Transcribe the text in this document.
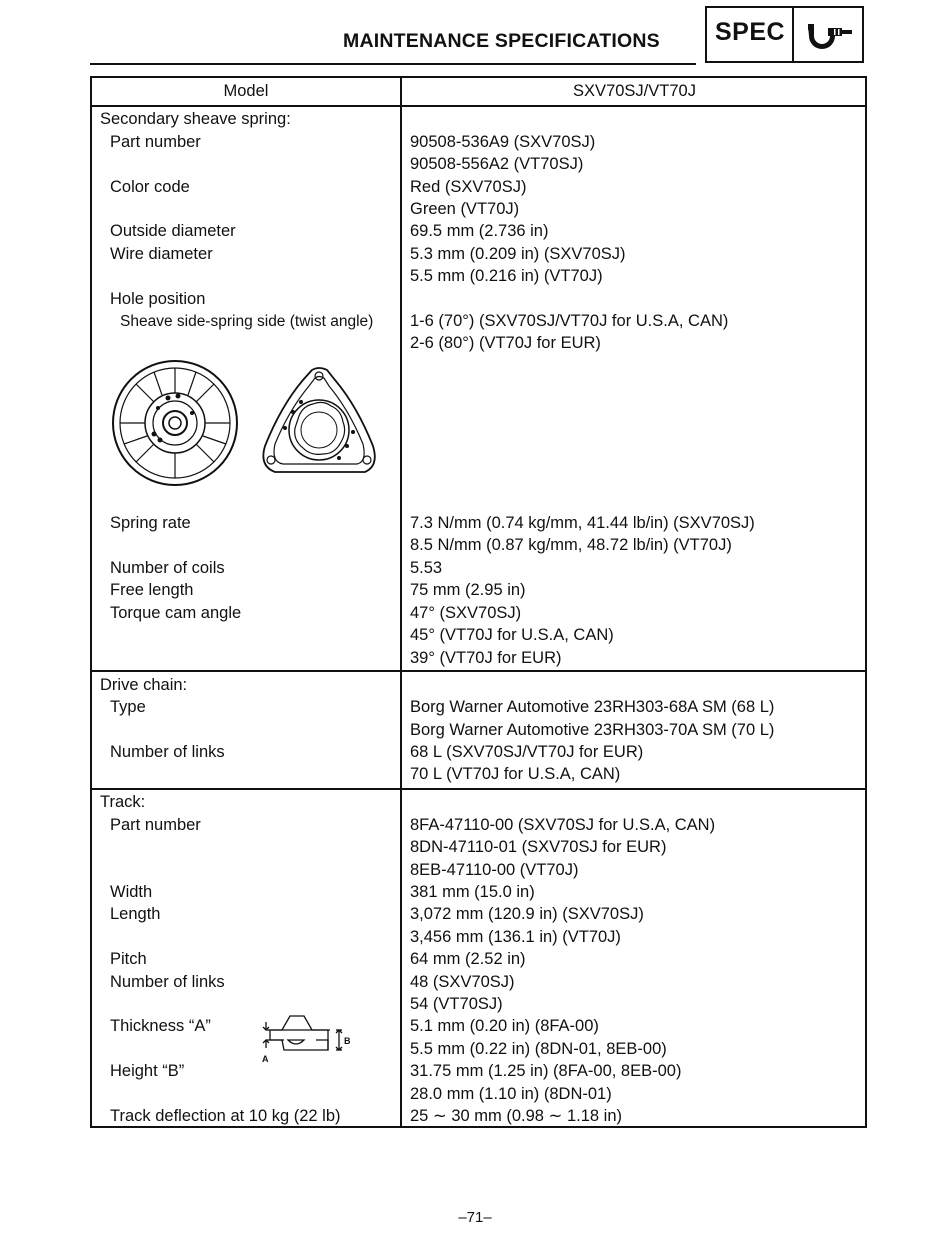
MAINTENANCE SPECIFICATIONS SPEC
Model	SXV70SJ/VT70J
Secondary sheave spring:
Part number	90508-536A9 (SXV70SJ)
90508-556A2 (VT70SJ)
Color code	Red (SXV70SJ)
Green (VT70J)
Outside diameter	69.5 mm (2.736 in)
Wire diameter	5.3 mm (0.209 in) (SXV70SJ)
5.5 mm (0.216 in) (VT70J)
Hole position
Sheave side-spring side (twist angle) 1-6 (70°) (SXV70SJ/VT70J for U.S.A, CAN)
2-6 (80°) (VT70J for EUR)
Spring rate	7.3 N/mm (0.74 kg/mm, 41.44 lb/in) (SXV70SJ)
8.5 N/mm (0.87 kg/mm, 48.72 lb/in) (VT70J)
Number of coils	5.53
Free length	75 mm (2.95 in)
Torque cam angle	47° (SXV70SJ)
45° (VT70J for U.S.A, CAN)
39° (VT70J for EUR)
Drive chain:
Type	Borg Warner Automotive 23RH303-68A SM (68 L)
Borg Warner Automotive 23RH303-70A SM (70 L)
Number of links	68 L (SXV70SJ/VT70J for EUR)
70 L (VT70J for U.S.A, CAN)
Track:
Part number	8FA-47110-00 (SXV70SJ for U.S.A, CAN)
8DN-47110-01 (SXV70SJ for EUR)
8EB-47110-00 (VT70J)
Width	381 mm (15.0 in)
Length	3,072 mm (120.9 in) (SXV70SJ)
3,456 mm (136.1 in) (VT70J)
Pitch	64 mm (2.52 in)
Number of links	48 (SXV70SJ)
54 (VT70SJ)
Thickness “A”	5.1 mm (0.20 in) (8FA-00)
5.5 mm (0.22 in) (8DN-01, 8EB-00)
A
B
Height “B”	31.75 mm (1.25 in) (8FA-00, 8EB-00)
28.0 mm (1.10 in) (8DN-01)
Track deflection at 10 kg (22 lb)	25 ∼ 30 mm (0.98 ∼ 1.18 in)
–71–
